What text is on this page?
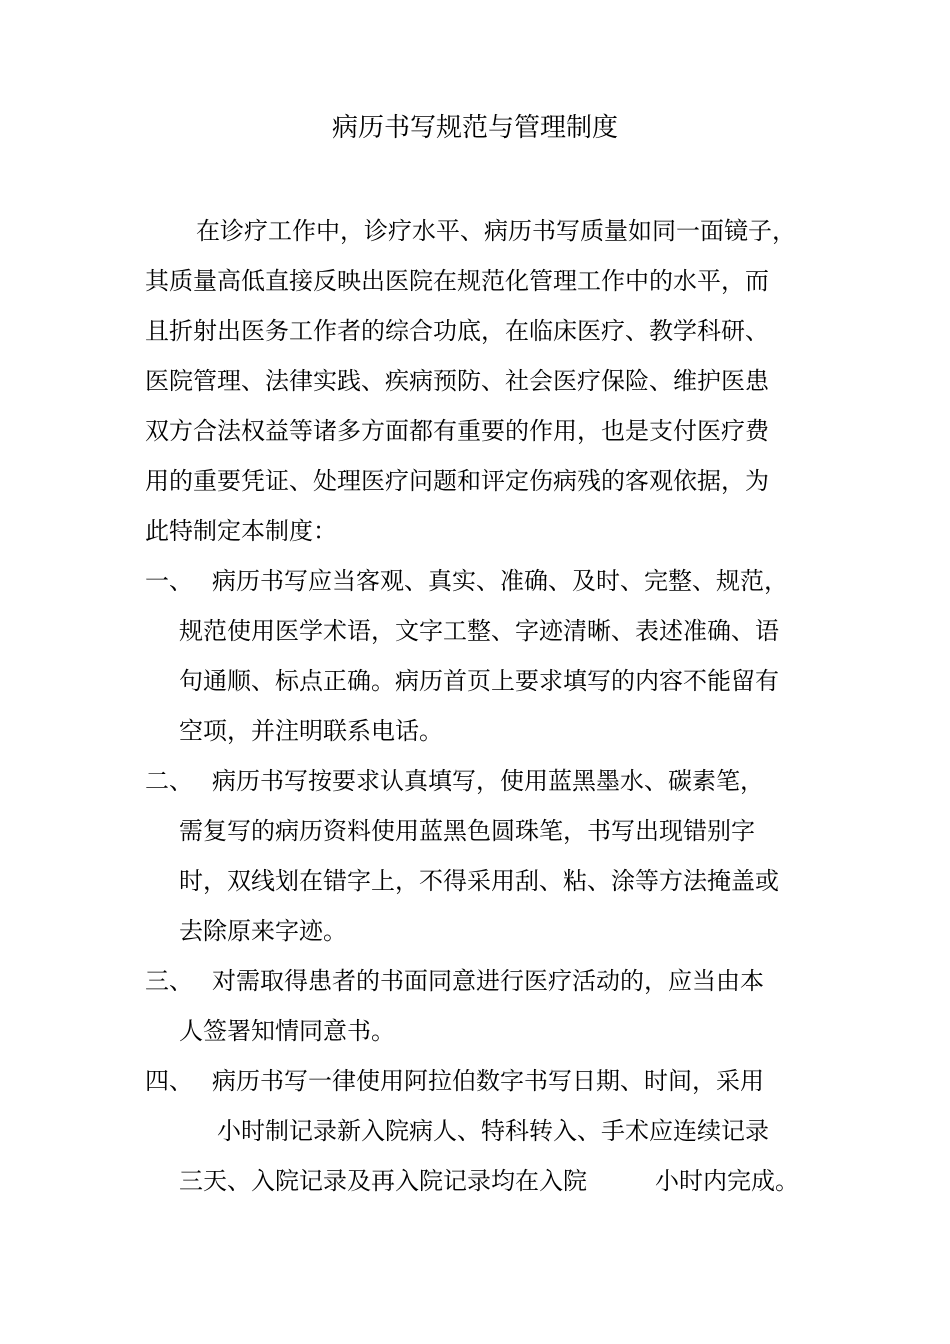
病历书写规范与管理制度
在诊疗工作中，诊疗水平、病历书写质量如同一面镜子，
其质量高低直接反映出医院在规范化管理工作中的水平，而
且折射出医务工作者的综合功底，在临床医疗、教学科研、
医院管理、法律实践、疾病预防、社会医疗保险、维护医患
双方合法权益等诸多方面都有重要的作用，也是支付医疗费
用的重要凭证、处理医疗问题和评定伤病残的客观依据，为
此特制定本制度：
一、 病历书写应当客观、真实、准确、及时、完整、规范，
规范使用医学术语，文字工整、字迹清晰、表述准确、语
句通顺、标点正确。病历首页上要求填写的内容不能留有
空项，并注明联系电话。
二、 病历书写按要求认真填写，使用蓝黑墨水、碳素笔，
需复写的病历资料使用蓝黑色圆珠笔，书写出现错别字
时，双线划在错字上，不得采用刮、粘、涂等方法掩盖或
去除原来字迹。
三、 对需取得患者的书面同意进行医疗活动的，应当由本
人签署知情同意书。
四、 病历书写一律使用阿拉伯数字书写日期、时间，采用
小时制记录新入院病人、特科转入、手术应连续记录
三天、入院记录及再入院记录均在入院	小时内完成。
